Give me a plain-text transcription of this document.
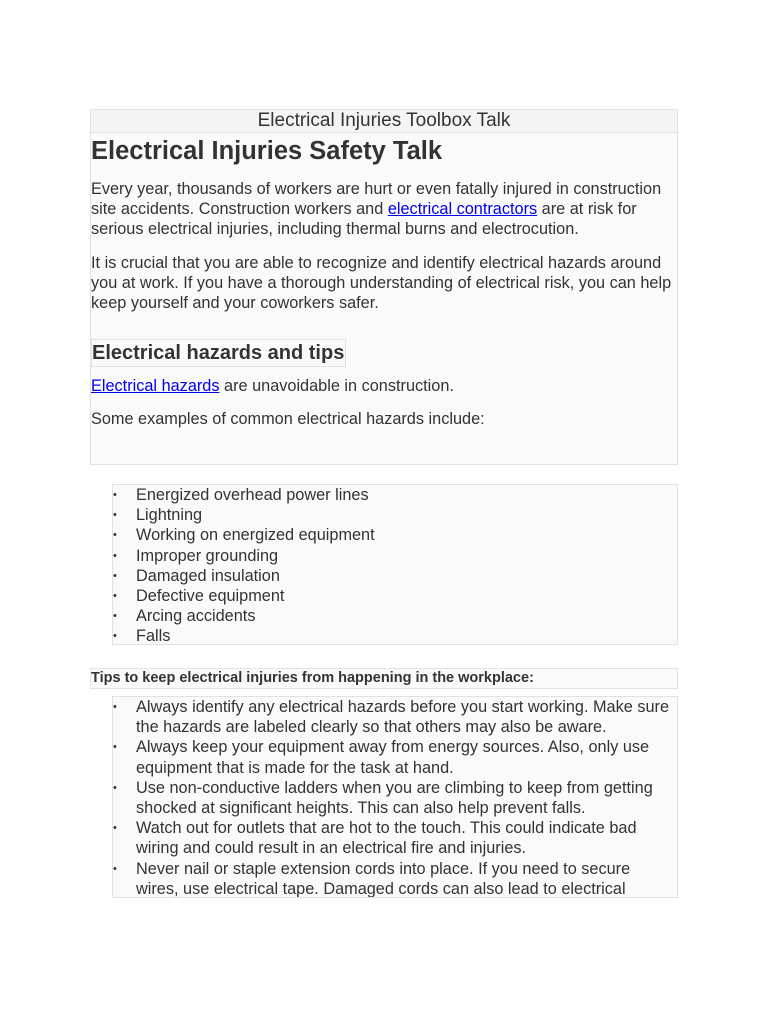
Electrical Injuries Toolbox Talk
Electrical Injuries Safety Talk

Every year, thousands of workers are hurt or even fatally injured in construction site accidents. Construction workers and electrical contractors are at risk for serious electrical injuries, including thermal burns and electrocution.

It is crucial that you are able to recognize and identify electrical hazards around you at work. If you have a thorough understanding of electrical risk, you can help keep yourself and your coworkers safer.

Electrical hazards and tips

Electrical hazards are unavoidable in construction.

Some examples of common electrical hazards include:

• Energized overhead power lines
• Lightning
• Working on energized equipment
• Improper grounding
• Damaged insulation
• Defective equipment
• Arcing accidents
• Falls
Tips to keep electrical injuries from happening in the workplace:
• Always identify any electrical hazards before you start working. Make sure the hazards are labeled clearly so that others may also be aware.
• Always keep your equipment away from energy sources. Also, only use equipment that is made for the task at hand.
• Use non-conductive ladders when you are climbing to keep from getting shocked at significant heights. This can also help prevent falls.
• Watch out for outlets that are hot to the touch. This could indicate bad wiring and could result in an electrical fire and injuries.
• Never nail or staple extension cords into place. If you need to secure wires, use electrical tape. Damaged cords can also lead to electrical
